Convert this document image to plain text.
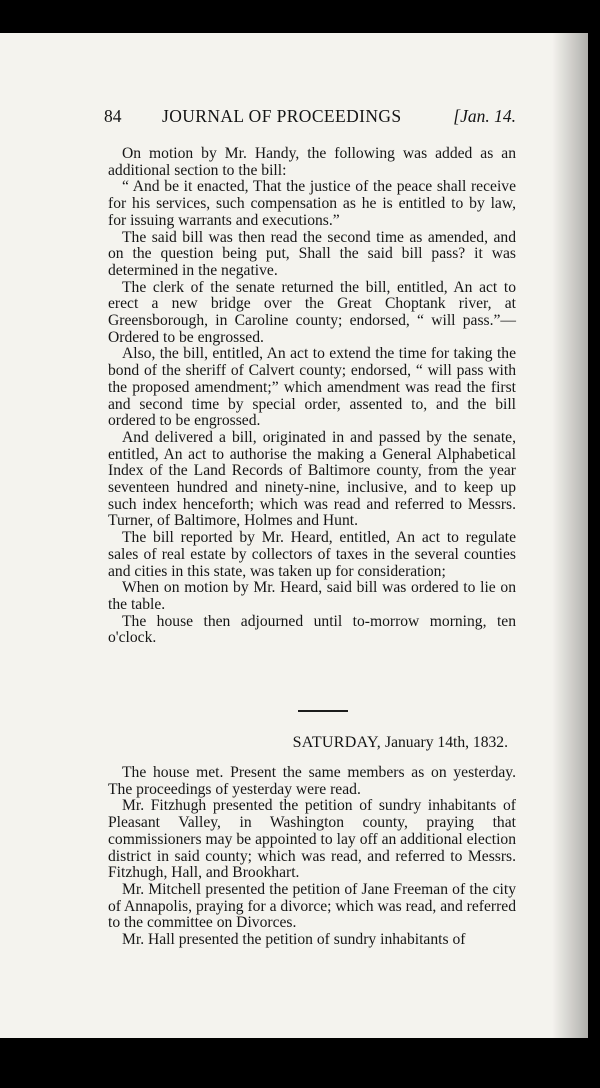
84 JOURNAL OF PROCEEDINGS	[Jan. 14.

On motion by Mr. Handy, the following was added as an additional section to the bill:

“ And be it enacted, That the justice of the peace shall receive for his services, such compensation as he is entitled to by law, for issuing warrants and executions.”

The said bill was then read the second time as amended, and on the question being put, Shall the said bill pass? it was determined in the negative.

The clerk of the senate returned the bill, entitled, An act to erect a new bridge over the Great Choptank river, at Greensborough, in Caroline county; endorsed, “ will pass.”—Ordered to be engrossed.

Also, the bill, entitled, An act to extend the time for taking the bond of the sheriff of Calvert county; endorsed, “ will pass with the proposed amendment;” which amendment was read the first and second time by special order, assented to, and the bill ordered to be engrossed.

And delivered a bill, originated in and passed by the senate, entitled, An act to authorise the making a General Alphabetical Index of the Land Records of Baltimore county, from the year seventeen hundred and ninety-nine, inclusive, and to keep up such index henceforth; which was read and referred to Messrs. Turner, of Baltimore, Holmes and Hunt.

The bill reported by Mr. Heard, entitled, An act to regulate sales of real estate by collectors of taxes in the several counties and cities in this state, was taken up for consideration;

When on motion by Mr. Heard, said bill was ordered to lie on the table.

The house then adjourned until to-morrow morning, ten o'clock.

SATURDAY, January 14th, 1832.

The house met. Present the same members as on yesterday. The proceedings of yesterday were read.

Mr. Fitzhugh presented the petition of sundry inhabitants of Pleasant Valley, in Washington county, praying that commissioners may be appointed to lay off an additional election district in said county; which was read, and referred to Messrs. Fitzhugh, Hall, and Brookhart.

Mr. Mitchell presented the petition of Jane Freeman of the city of Annapolis, praying for a divorce; which was read, and referred to the committee on Divorces.

Mr. Hall presented the petition of sundry inhabitants of
